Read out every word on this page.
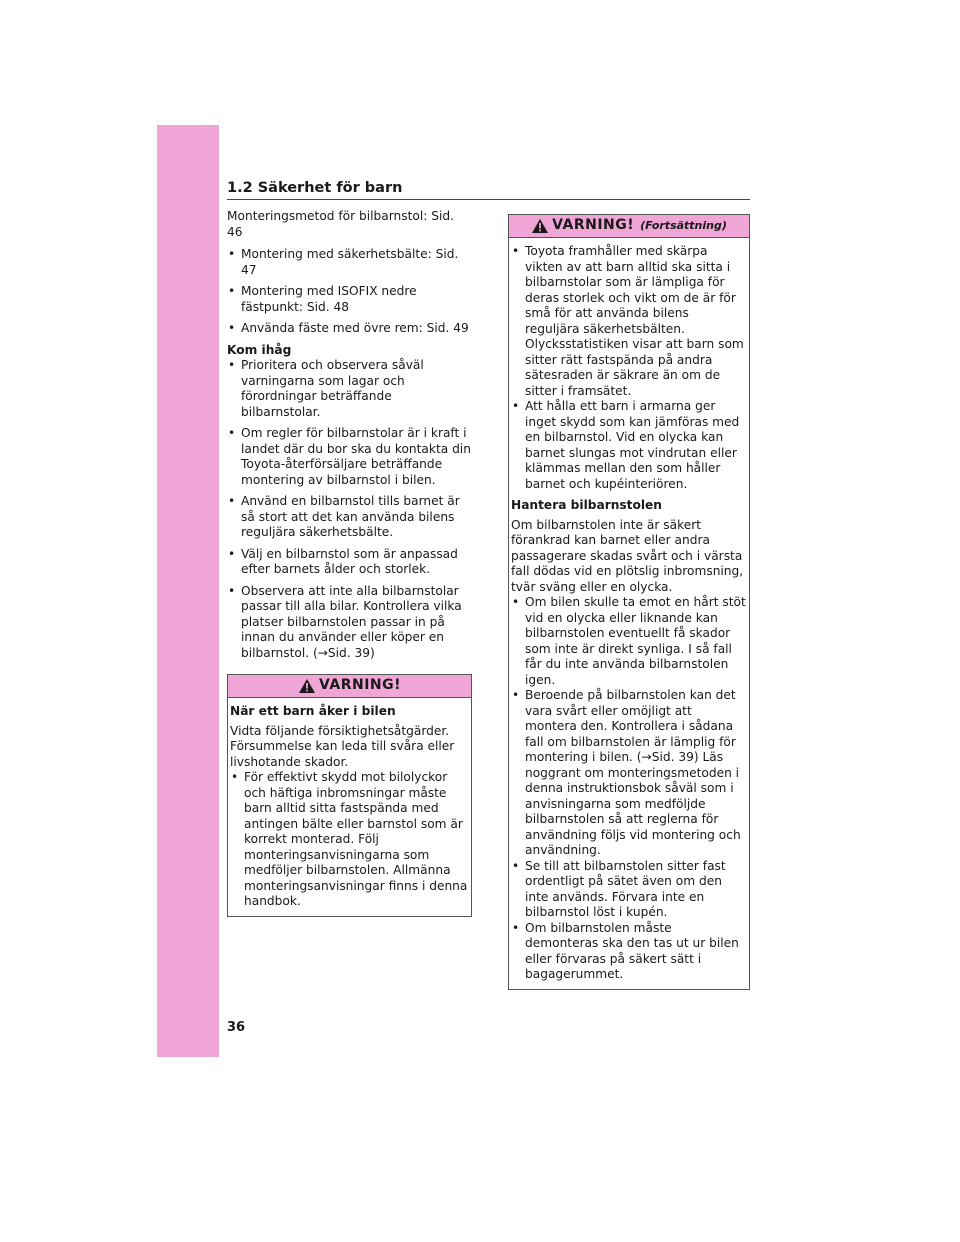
1.2 Säkerhet för barn

Monteringsmetod för bilbarnstol: Sid. 46

• Montering med säkerhetsbälte: Sid. 47
• Montering med ISOFIX nedre fästpunkt: Sid. 48
• Använda fäste med övre rem: Sid. 49

Kom ihåg

• Prioritera och observera såväl varningarna som lagar och förordningar beträffande bilbarnstolar.
• Om regler för bilbarnstolar är i kraft i landet där du bor ska du kontakta din Toyota-återförsäljare beträffande montering av bilbarnstol i bilen.
• Använd en bilbarnstol tills barnet är så stort att det kan använda bilens reguljära säkerhetsbälte.
• Välj en bilbarnstol som är anpassad efter barnets ålder och storlek.
• Observera att inte alla bilbarnstolar passar till alla bilar. Kontrollera vilka platser bilbarnstolen passar in på innan du använder eller köper en bilbarnstol. (→Sid. 39)
VARNING!

När ett barn åker i bilen

Vidta följande försiktighetsåtgärder. Försummelse kan leda till svåra eller livshotande skador.

• För effektivt skydd mot bilolyckor och häftiga inbromsningar måste barn alltid sitta fastspända med antingen bälte eller barnstol som är korrekt monterad. Följ monteringsanvisningarna som medföljer bilbarnstolen. Allmänna monteringsanvisningar finns i denna handbok.
VARNING! (Fortsättning)
• Toyota framhåller med skärpa vikten av att barn alltid ska sitta i bilbarnstolar som är lämpliga för deras storlek och vikt om de är för små för att använda bilens reguljära säkerhetsbälten. Olycksstatistiken visar att barn som sitter rätt fastspända på andra sätesraden är säkrare än om de sitter i framsätet.
• Att hålla ett barn i armarna ger inget skydd som kan jämföras med en bilbarnstol. Vid en olycka kan barnet slungas mot vindrutan eller klämmas mellan den som håller barnet och kupéinteriören.

Hantera bilbarnstolen

Om bilbarnstolen inte är säkert förankrad kan barnet eller andra passagerare skadas svårt och i värsta fall dödas vid en plötslig inbromsning, tvär sväng eller en olycka.

• Om bilen skulle ta emot en hårt stöt vid en olycka eller liknande kan bilbarnstolen eventuellt få skador som inte är direkt synliga. I så fall får du inte använda bilbarnstolen igen.
• Beroende på bilbarnstolen kan det vara svårt eller omöjligt att montera den. Kontrollera i sådana fall om bilbarnstolen är lämplig för montering i bilen. (→Sid. 39) Läs noggrant om monteringsmetoden i denna instruktionsbok såväl som i anvisningarna som medföljde bilbarnstolen så att reglerna för användning följs vid montering och användning.
• Se till att bilbarnstolen sitter fast ordentligt på sätet även om den inte används. Förvara inte en bilbarnstol löst i kupén.
• Om bilbarnstolen måste demonteras ska den tas ut ur bilen eller förvaras på säkert sätt i bagagerummet.
36
